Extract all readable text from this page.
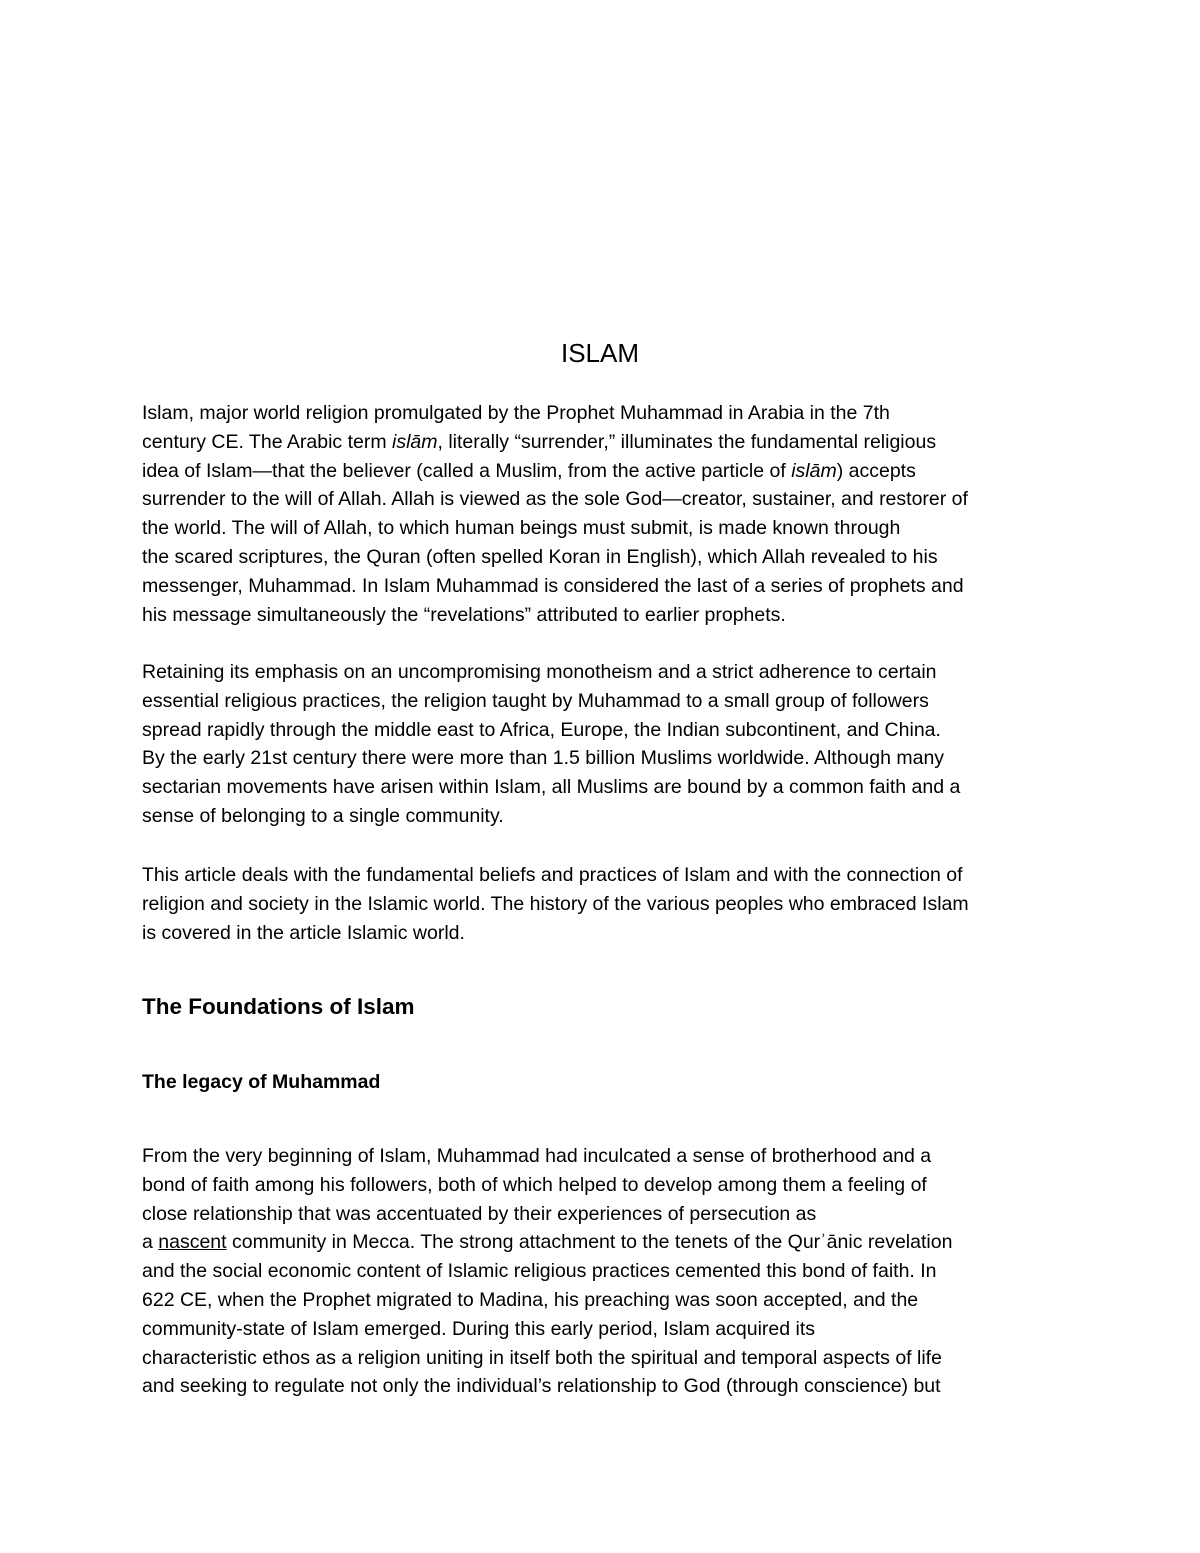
ISLAM

Islam, major world religion promulgated by the Prophet Muhammad in Arabia in the 7th
century CE. The Arabic term islām, literally “surrender,” illuminates the fundamental religious
idea of Islam—that the believer (called a Muslim, from the active particle of islām) accepts
surrender to the will of Allah. Allah is viewed as the sole God—creator, sustainer, and restorer of
the world. The will of Allah, to which human beings must submit, is made known through
the scared scriptures, the Quran (often spelled Koran in English), which Allah revealed to his
messenger, Muhammad. In Islam Muhammad is considered the last of a series of prophets and
his message simultaneously the “revelations” attributed to earlier prophets.

Retaining its emphasis on an uncompromising monotheism and a strict adherence to certain
essential religious practices, the religion taught by Muhammad to a small group of followers
spread rapidly through the middle east to Africa, Europe, the Indian subcontinent, and China.
By the early 21st century there were more than 1.5 billion Muslims worldwide. Although many
sectarian movements have arisen within Islam, all Muslims are bound by a common faith and a
sense of belonging to a single community.

This article deals with the fundamental beliefs and practices of Islam and with the connection of
religion and society in the Islamic world. The history of the various peoples who embraced Islam
is covered in the article Islamic world.

The Foundations of Islam
The legacy of Muhammad

From the very beginning of Islam, Muhammad had inculcated a sense of brotherhood and a
bond of faith among his followers, both of which helped to develop among them a feeling of
close relationship that was accentuated by their experiences of persecution as
a nascent community in Mecca. The strong attachment to the tenets of the Qurʾānic revelation
and the social economic content of Islamic religious practices cemented this bond of faith. In
622 CE, when the Prophet migrated to Madina, his preaching was soon accepted, and the
community-state of Islam emerged. During this early period, Islam acquired its
characteristic ethos as a religion uniting in itself both the spiritual and temporal aspects of life
and seeking to regulate not only the individual’s relationship to God (through conscience) but
